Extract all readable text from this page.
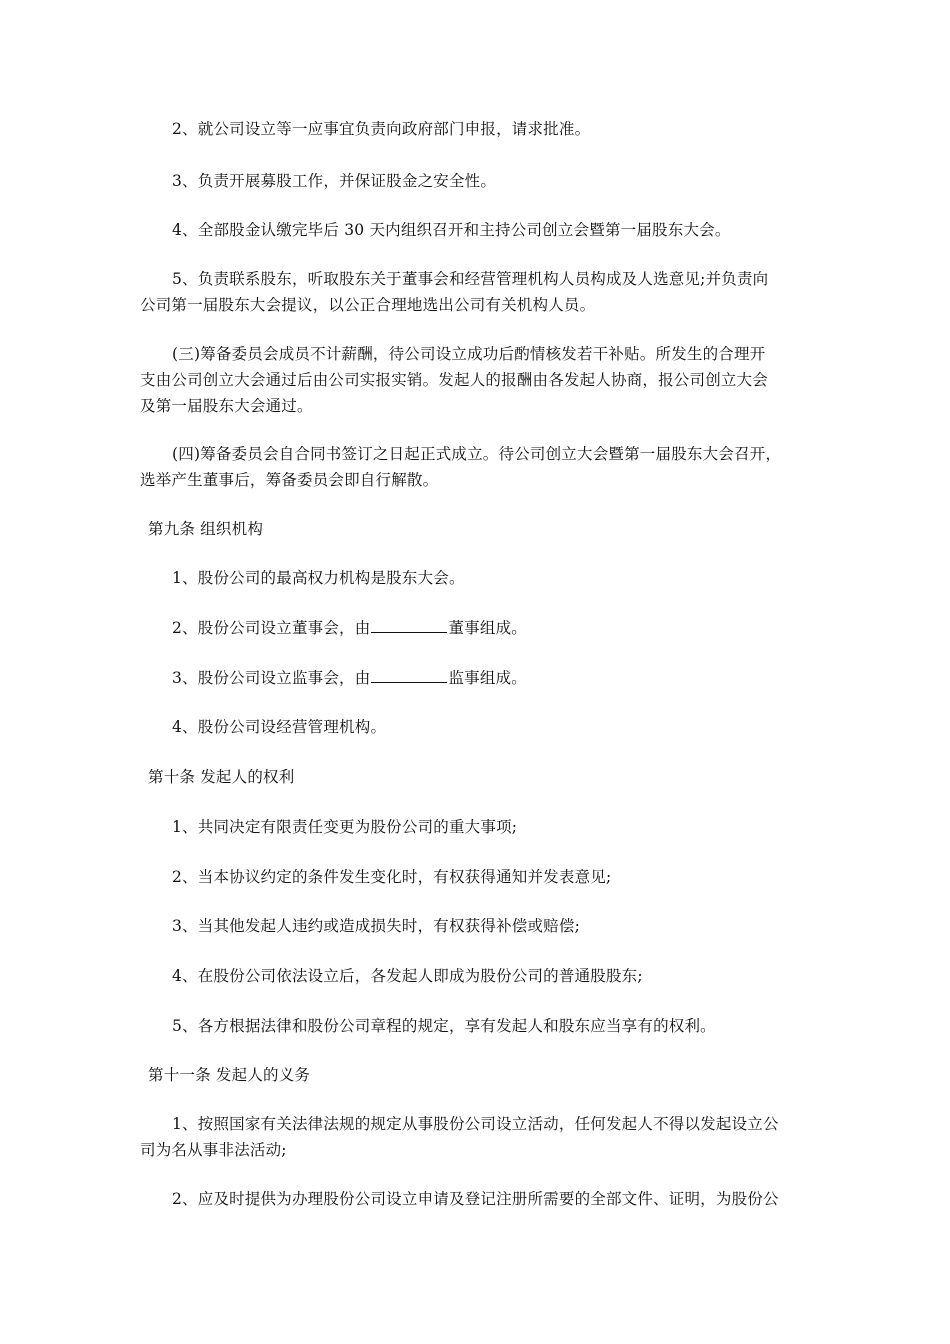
2、就公司设立等一应事宜负责向政府部门申报，请求批准。
3、负责开展募股工作，并保证股金之安全性。
4、全部股金认缴完毕后 30 天内组织召开和主持公司创立会暨第一届股东大会。
5、负责联系股东，听取股东关于董事会和经营管理机构人员构成及人选意见;并负责向
公司第一届股东大会提议，以公正合理地选出公司有关机构人员。
(三)筹备委员会成员不计薪酬，待公司设立成功后酌情核发若干补贴。所发生的合理开
支由公司创立大会通过后由公司实报实销。发起人的报酬由各发起人协商，报公司创立大会
及第一届股东大会通过。
(四)筹备委员会自合同书签订之日起正式成立。待公司创立大会暨第一届股东大会召开，
选举产生董事后，筹备委员会即自行解散。
第九条 组织机构
1、股份公司的最高权力机构是股东大会。
2、股份公司设立董事会，由	董事组成。
3、股份公司设立监事会，由	监事组成。
4、股份公司设经营管理机构。
第十条 发起人的权利
1、共同决定有限责任变更为股份公司的重大事项;
2、当本协议约定的条件发生变化时，有权获得通知并发表意见;
3、当其他发起人违约或造成损失时，有权获得补偿或赔偿;
4、在股份公司依法设立后，各发起人即成为股份公司的普通股股东;
5、各方根据法律和股份公司章程的规定，享有发起人和股东应当享有的权利。
第十一条 发起人的义务
1、按照国家有关法律法规的规定从事股份公司设立活动，任何发起人不得以发起设立公
司为名从事非法活动;
2、应及时提供为办理股份公司设立申请及登记注册所需要的全部文件、证明，为股份公
